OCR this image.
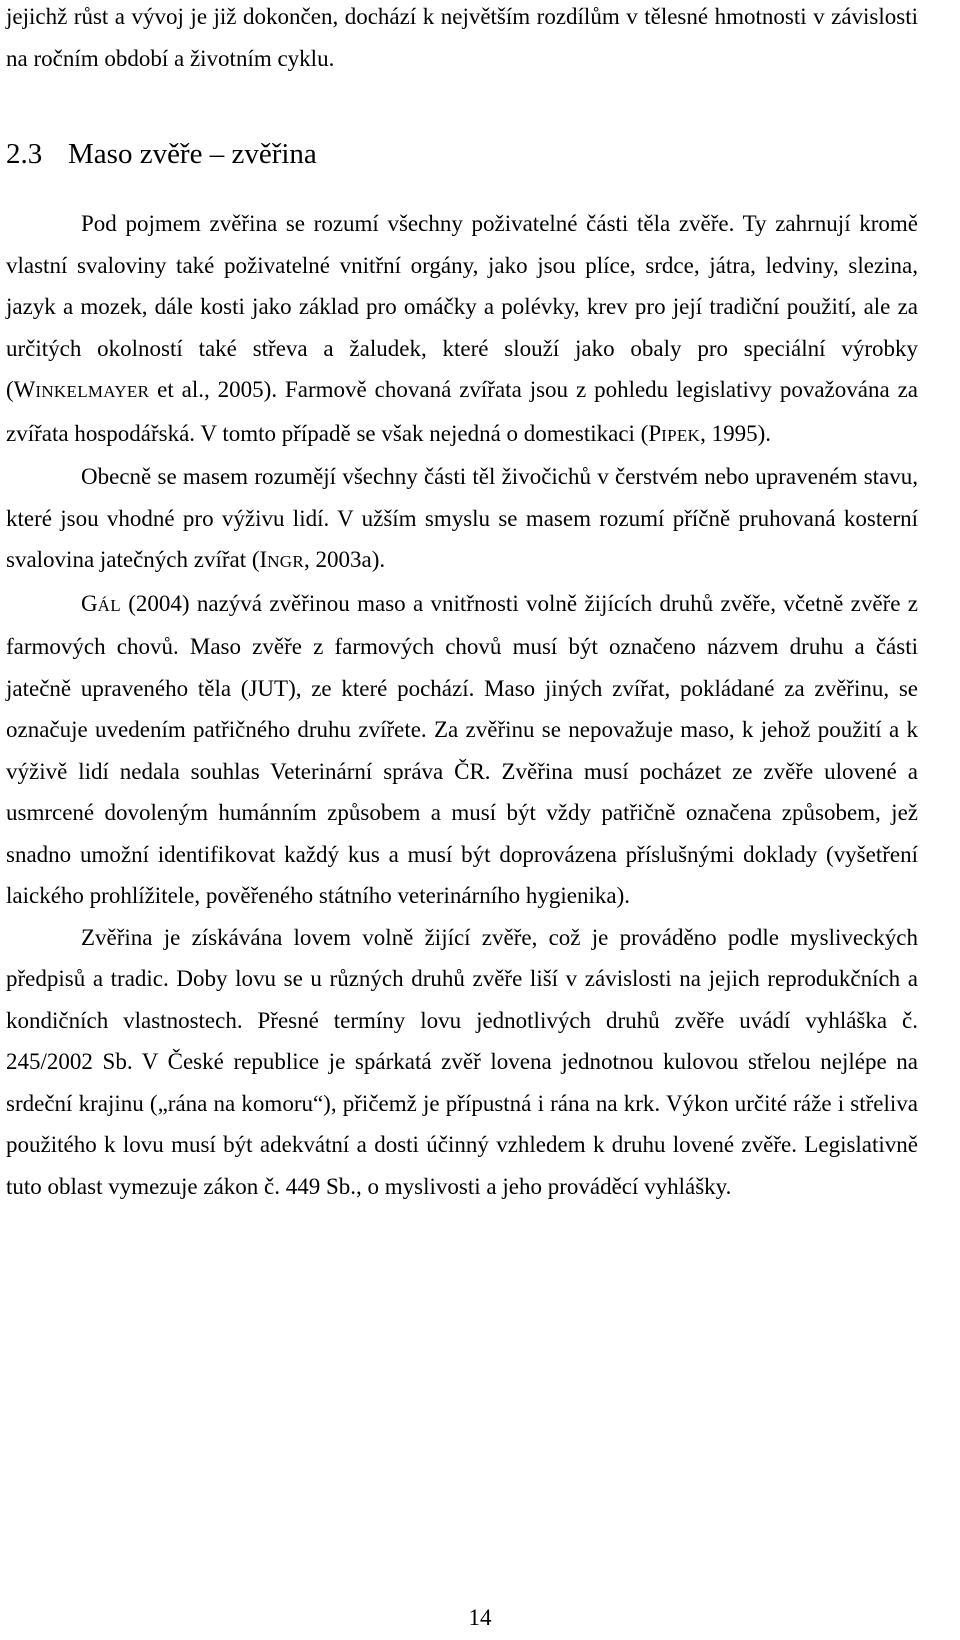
jejichž růst a vývoj je již dokončen, dochází k největším rozdílům v tělesné hmotnosti v závislosti na ročním období a životním cyklu.

2.3 Maso zvěře – zvěřina

Pod pojmem zvěřina se rozumí všechny poživatelné části těla zvěře. Ty zahrnují kromě vlastní svaloviny také poživatelné vnitřní orgány, jako jsou plíce, srdce, játra, ledviny, slezina, jazyk a mozek, dále kosti jako základ pro omáčky a polévky, krev pro její tradiční použití, ale za určitých okolností také střeva a žaludek, které slouží jako obaly pro speciální výrobky (WINKELMAYER et al., 2005). Farmově chovaná zvířata jsou z pohledu legislativy považována za zvířata hospodářská. V tomto případě se však nejedná o domestikaci (PIPEK, 1995).

Obecně se masem rozumějí všechny části těl živočichů v čerstvém nebo upraveném stavu, které jsou vhodné pro výživu lidí. V užším smyslu se masem rozumí příčně pruhovaná kosterní svalovina jatečných zvířat (INGR, 2003a).

GÁL (2004) nazývá zvěřinou maso a vnitřnosti volně žijících druhů zvěře, včetně zvěře z farmových chovů. Maso zvěře z farmových chovů musí být označeno názvem druhu a části jatečně upraveného těla (JUT), ze které pochází. Maso jiných zvířat, pokládané za zvěřinu, se označuje uvedením patřičného druhu zvířete. Za zvěřinu se nepovažuje maso, k jehož použití a k výživě lidí nedala souhlas Veterinární správa ČR. Zvěřina musí pocházet ze zvěře ulovené a usmrcené dovoleným humánním způsobem a musí být vždy patřičně označena způsobem, jež snadno umožní identifikovat každý kus a musí být doprovázena příslušnými doklady (vyšetření laického prohlížitele, pověřeného státního veterinárního hygienika).

Zvěřina je získávána lovem volně žijící zvěře, což je prováděno podle mysliveckých předpisů a tradic. Doby lovu se u různých druhů zvěře liší v závislosti na jejich reprodukčních a kondičních vlastnostech. Přesné termíny lovu jednotlivých druhů zvěře uvádí vyhláška č. 245/2002 Sb. V České republice je spárkatá zvěř lovena jednotnou kulovou střelou nejlépe na srdeční krajinu („rána na komoru“), přičemž je přípustná i rána na krk. Výkon určité ráže i střeliva použitého k lovu musí být adekvátní a dosti účinný vzhledem k druhu lovené zvěře. Legislativně tuto oblast vymezuje zákon č. 449 Sb., o myslivosti a jeho prováděcí vyhlášky.

14
